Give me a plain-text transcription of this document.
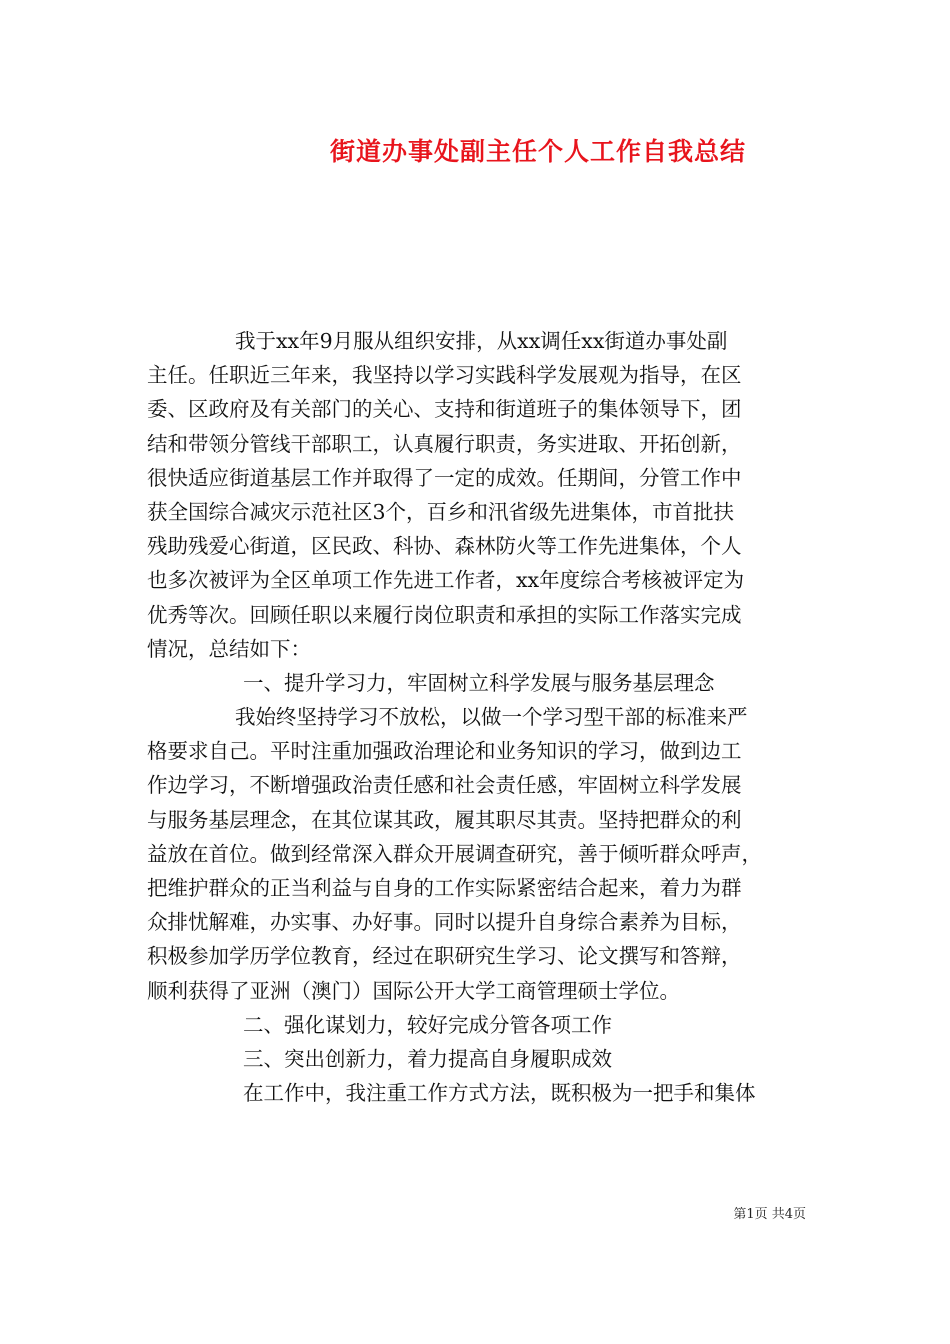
街道办事处副主任个人工作自我总结
我于xx年9月服从组织安排，从xx调任xx街道办事处副
主任。任职近三年来，我坚持以学习实践科学发展观为指导，在区
委、区政府及有关部门的关心、支持和街道班子的集体领导下，团
结和带领分管线干部职工，认真履行职责，务实进取、开拓创新，
很快适应街道基层工作并取得了一定的成效。任期间，分管工作中
获全国综合减灾示范社区3个，百乡和汛省级先进集体，市首批扶
残助残爱心街道，区民政、科协、森林防火等工作先进集体，个人
也多次被评为全区单项工作先进工作者，xx年度综合考核被评定为
优秀等次。回顾任职以来履行岗位职责和承担的实际工作落实完成
情况，总结如下：
一、提升学习力，牢固树立科学发展与服务基层理念
我始终坚持学习不放松，以做一个学习型干部的标准来严
格要求自己。平时注重加强政治理论和业务知识的学习，做到边工
作边学习，不断增强政治责任感和社会责任感，牢固树立科学发展
与服务基层理念，在其位谋其政，履其职尽其责。坚持把群众的利
益放在首位。做到经常深入群众开展调查研究，善于倾听群众呼声，
把维护群众的正当利益与自身的工作实际紧密结合起来，着力为群
众排忧解难，办实事、办好事。同时以提升自身综合素养为目标，
积极参加学历学位教育，经过在职研究生学习、论文撰写和答辩，
顺利获得了亚洲（澳门）国际公开大学工商管理硕士学位。
二、强化谋划力，较好完成分管各项工作
三、突出创新力，着力提高自身履职成效
在工作中，我注重工作方式方法，既积极为一把手和集体
第1页 共4页
